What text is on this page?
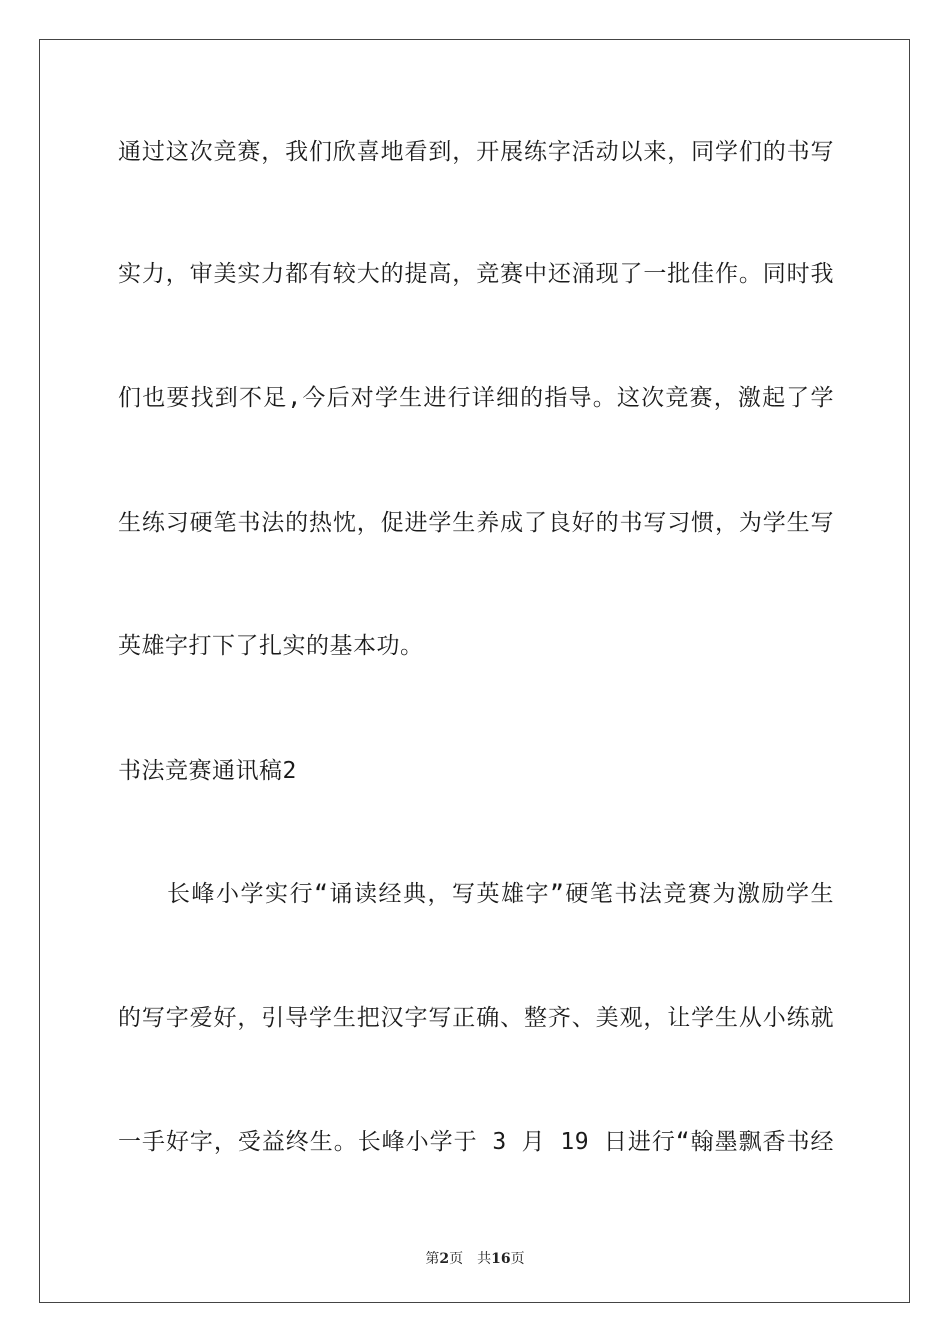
通过这次竞赛，我们欣喜地看到，开展练字活动以来，同学们的书写
实力，审美实力都有较大的提高，竞赛中还涌现了一批佳作。同时我
们也要找到不足,今后对学生进行详细的指导。这次竞赛，激起了学
生练习硬笔书法的热忱，促进学生养成了良好的书写习惯，为学生写
英雄字打下了扎实的基本功。
书法竞赛通讯稿2
　　长峰小学实行“诵读经典，写英雄字”硬笔书法竞赛为激励学生
的写字爱好，引导学生把汉字写正确、整齐、美观，让学生从小练就
一手好字，受益终生。长峰小学于 3 月 19 日进行“翰墨飘香书经
第2页 共16页
